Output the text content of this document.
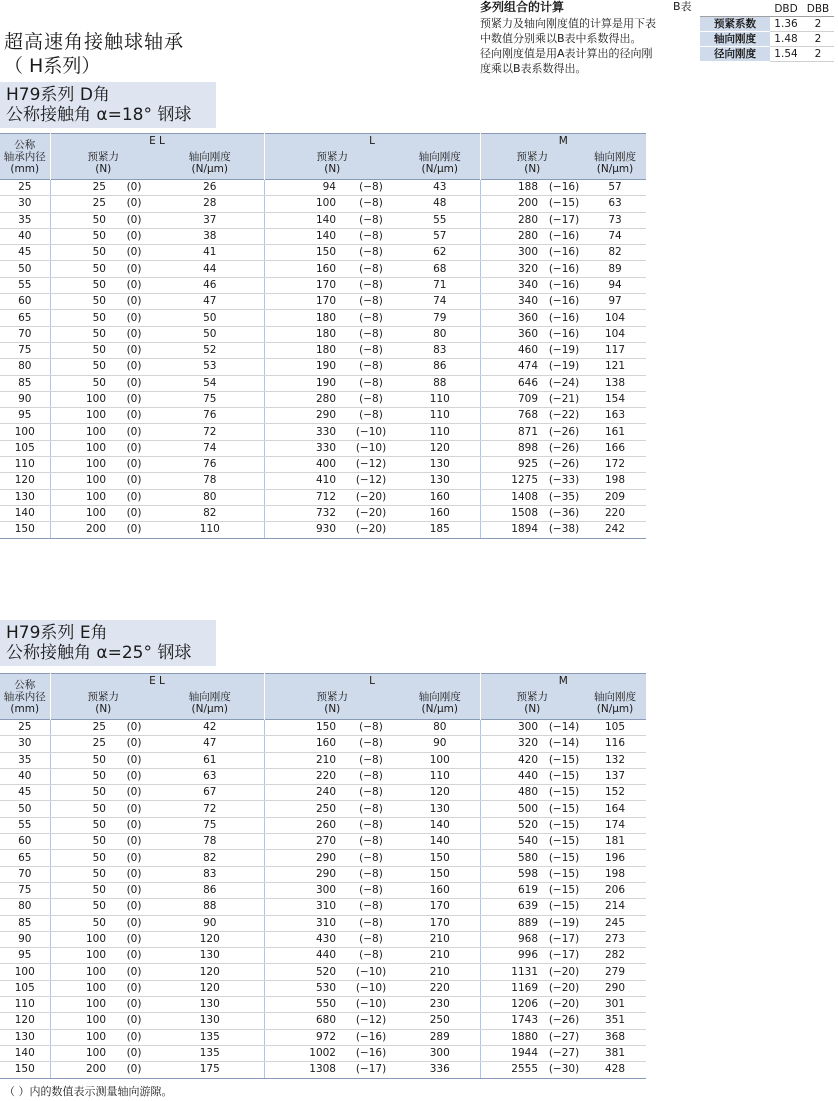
超高速角接触球轴承
（ H系列）
多列组合的计算

预紧力及轴向刚度值的计算是用下表中数值分别乘以B表中系数得出。

径向刚度值是用A表计算出的径向刚度乘以B表系数得出。

B表
		DBD	DBB
预紧系数	1.36	2
轴向刚度	1.48	2
径向刚度	1.54	2
H79系列 D角
公称接触角 α=18° 钢球
公称
轴承内径
(mm)	E L			L			M		
	预紧力
(N)		轴向刚度
(N/μm)	预紧力
(N)		轴向刚度
(N/μm)	预紧力
(N)		轴向刚度
(N/μm)
25	25	(0)	26	94	(−8)	43	188	(−16)	57
30	25	(0)	28	100	(−8)	48	200	(−15)	63
35	50	(0)	37	140	(−8)	55	280	(−17)	73
40	50	(0)	38	140	(−8)	57	280	(−16)	74
45	50	(0)	41	150	(−8)	62	300	(−16)	82
50	50	(0)	44	160	(−8)	68	320	(−16)	89
55	50	(0)	46	170	(−8)	71	340	(−16)	94
60	50	(0)	47	170	(−8)	74	340	(−16)	97
65	50	(0)	50	180	(−8)	79	360	(−16)	104
70	50	(0)	50	180	(−8)	80	360	(−16)	104
75	50	(0)	52	180	(−8)	83	460	(−19)	117
80	50	(0)	53	190	(−8)	86	474	(−19)	121
85	50	(0)	54	190	(−8)	88	646	(−24)	138
90	100	(0)	75	280	(−8)	110	709	(−21)	154
95	100	(0)	76	290	(−8)	110	768	(−22)	163
100	100	(0)	72	330	(−10)	110	871	(−26)	161
105	100	(0)	74	330	(−10)	120	898	(−26)	166
110	100	(0)	76	400	(−12)	130	925	(−26)	172
120	100	(0)	78	410	(−12)	130	1275	(−33)	198
130	100	(0)	80	712	(−20)	160	1408	(−35)	209
140	100	(0)	82	732	(−20)	160	1508	(−36)	220
150	200	(0)	110	930	(−20)	185	1894	(−38)	242
H79系列 E角
公称接触角 α=25° 钢球
公称
轴承内径
(mm)	E L			L			M		
	预紧力
(N)		轴向刚度
(N/μm)	预紧力
(N)		轴向刚度
(N/μm)	预紧力
(N)		轴向刚度
(N/μm)
25	25	(0)	42	150	(−8)	80	300	(−14)	105
30	25	(0)	47	160	(−8)	90	320	(−14)	116
35	50	(0)	61	210	(−8)	100	420	(−15)	132
40	50	(0)	63	220	(−8)	110	440	(−15)	137
45	50	(0)	67	240	(−8)	120	480	(−15)	152
50	50	(0)	72	250	(−8)	130	500	(−15)	164
55	50	(0)	75	260	(−8)	140	520	(−15)	174
60	50	(0)	78	270	(−8)	140	540	(−15)	181
65	50	(0)	82	290	(−8)	150	580	(−15)	196
70	50	(0)	83	290	(−8)	150	598	(−15)	198
75	50	(0)	86	300	(−8)	160	619	(−15)	206
80	50	(0)	88	310	(−8)	170	639	(−15)	214
85	50	(0)	90	310	(−8)	170	889	(−19)	245
90	100	(0)	120	430	(−8)	210	968	(−17)	273
95	100	(0)	130	440	(−8)	210	996	(−17)	282
100	100	(0)	120	520	(−10)	210	1131	(−20)	279
105	100	(0)	120	530	(−10)	220	1169	(−20)	290
110	100	(0)	130	550	(−10)	230	1206	(−20)	301
120	100	(0)	130	680	(−12)	250	1743	(−26)	351
130	100	(0)	135	972	(−16)	289	1880	(−27)	368
140	100	(0)	135	1002	(−16)	300	1944	(−27)	381
150	200	(0)	175	1308	(−17)	336	2555	(−30)	428
（ ）内的数值表示测量轴向游隙。
